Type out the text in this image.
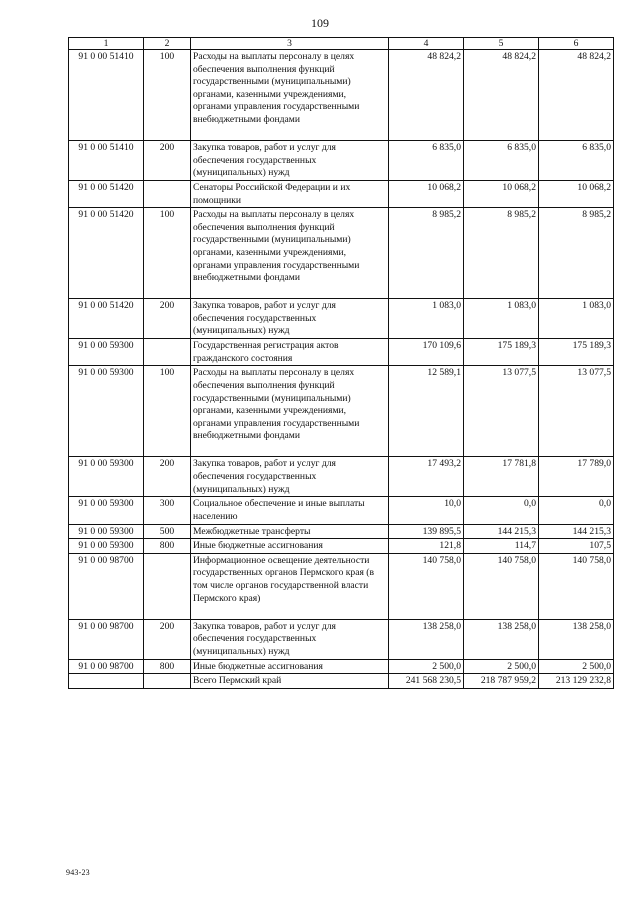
109
1	2	3	4	5	6
91 0 00 51410	100	Расходы на выплаты персоналу в целях обеспечения выполнения функций государственными (муниципальными) органами, казенными учреждениями, органами управления государственными внебюджетными фондами	48 824,2	48 824,2	48 824,2
91 0 00 51410	200	Закупка товаров, работ и услуг для обеспечения государственных (муниципальных) нужд	6 835,0	6 835,0	6 835,0
91 0 00 51420		Сенаторы Российской Федерации и их помощники	10 068,2	10 068,2	10 068,2
91 0 00 51420	100	Расходы на выплаты персоналу в целях обеспечения выполнения функций государственными (муниципальными) органами, казенными учреждениями, органами управления государственными внебюджетными фондами	8 985,2	8 985,2	8 985,2
91 0 00 51420	200	Закупка товаров, работ и услуг для обеспечения государственных (муниципальных) нужд	1 083,0	1 083,0	1 083,0
91 0 00 59300		Государственная регистрация актов гражданского состояния	170 109,6	175 189,3	175 189,3
91 0 00 59300	100	Расходы на выплаты персоналу в целях обеспечения выполнения функций государственными (муниципальными) органами, казенными учреждениями, органами управления государственными внебюджетными фондами	12 589,1	13 077,5	13 077,5
91 0 00 59300	200	Закупка товаров, работ и услуг для обеспечения государственных (муниципальных) нужд	17 493,2	17 781,8	17 789,0
91 0 00 59300	300	Социальное обеспечение и иные выплаты населению	10,0	0,0	0,0
91 0 00 59300	500	Межбюджетные трансферты	139 895,5	144 215,3	144 215,3
91 0 00 59300	800	Иные бюджетные ассигнования	121,8	114,7	107,5
91 0 00 98700		Информационное освещение деятельности государственных органов Пермского края (в том числе органов государственной власти Пермского края)	140 758,0	140 758,0	140 758,0
91 0 00 98700	200	Закупка товаров, работ и услуг для обеспечения государственных (муниципальных) нужд	138 258,0	138 258,0	138 258,0
91 0 00 98700	800	Иные бюджетные ассигнования	2 500,0	2 500,0	2 500,0
		Всего Пермский край	241 568 230,5	218 787 959,2	213 129 232,8
943-23
